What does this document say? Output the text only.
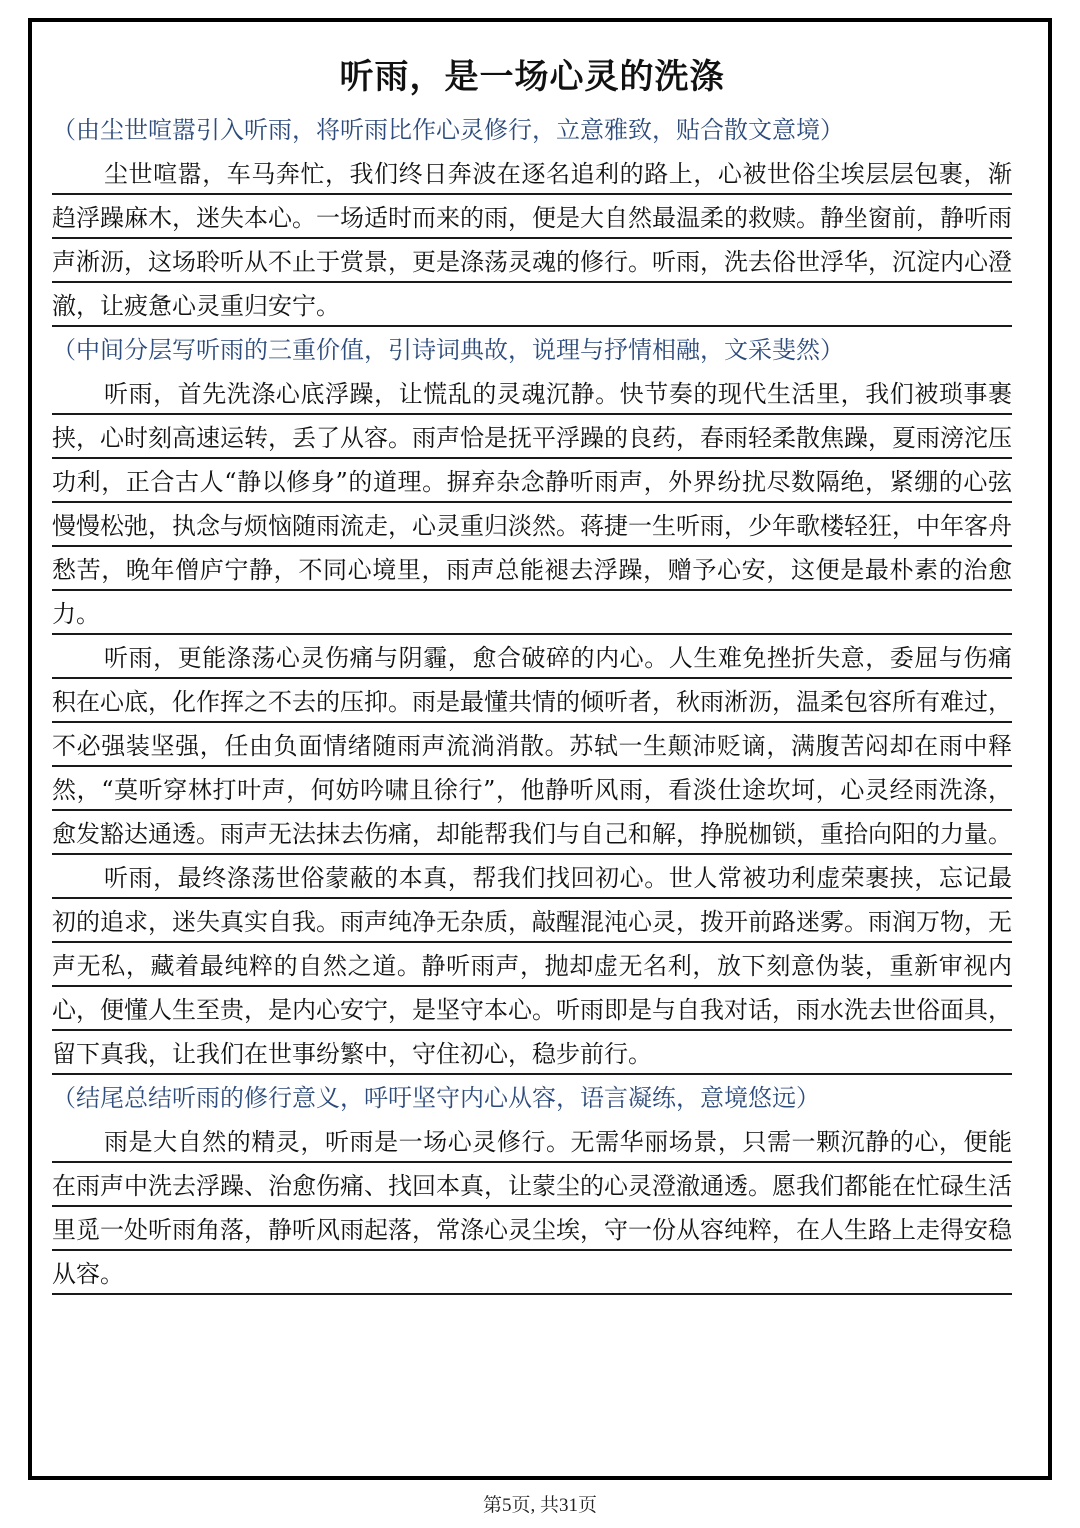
听雨，是一场心灵的洗涤

（由尘世喧嚣引入听雨，将听雨比作心灵修行，立意雅致，贴合散文意境）

尘世喧嚣，车马奔忙，我们终日奔波在逐名追利的路上，心被世俗尘埃层层包裹，渐趋浮躁麻木，迷失本心。一场适时而来的雨，便是大自然最温柔的救赎。静坐窗前，静听雨声淅沥，这场聆听从不止于赏景，更是涤荡灵魂的修行。听雨，洗去俗世浮华，沉淀内心澄澈，让疲惫心灵重归安宁。

（中间分层写听雨的三重价值，引诗词典故，说理与抒情相融，文采斐然）

听雨，首先洗涤心底浮躁，让慌乱的灵魂沉静。快节奏的现代生活里，我们被琐事裹挟，心时刻高速运转，丢了从容。雨声恰是抚平浮躁的良药，春雨轻柔散焦躁，夏雨滂沱压功利，正合古人“静以修身”的道理。摒弃杂念静听雨声，外界纷扰尽数隔绝，紧绷的心弦慢慢松弛，执念与烦恼随雨流走，心灵重归淡然。蒋捷一生听雨，少年歌楼轻狂，中年客舟愁苦，晚年僧庐宁静，不同心境里，雨声总能褪去浮躁，赠予心安，这便是最朴素的治愈力。

听雨，更能涤荡心灵伤痛与阴霾，愈合破碎的内心。人生难免挫折失意，委屈与伤痛积在心底，化作挥之不去的压抑。雨是最懂共情的倾听者，秋雨淅沥，温柔包容所有难过，不必强装坚强，任由负面情绪随雨声流淌消散。苏轼一生颠沛贬谪，满腹苦闷却在雨中释然，“莫听穿林打叶声，何妨吟啸且徐行”，他静听风雨，看淡仕途坎坷，心灵经雨洗涤，愈发豁达通透。雨声无法抹去伤痛，却能帮我们与自己和解，挣脱枷锁，重拾向阳的力量。

听雨，最终涤荡世俗蒙蔽的本真，帮我们找回初心。世人常被功利虚荣裹挟，忘记最初的追求，迷失真实自我。雨声纯净无杂质，敲醒混沌心灵，拨开前路迷雾。雨润万物，无声无私，藏着最纯粹的自然之道。静听雨声，抛却虚无名利，放下刻意伪装，重新审视内心，便懂人生至贵，是内心安宁，是坚守本心。听雨即是与自我对话，雨水洗去世俗面具，留下真我，让我们在世事纷繁中，守住初心，稳步前行。

（结尾总结听雨的修行意义，呼吁坚守内心从容，语言凝练，意境悠远）

雨是大自然的精灵，听雨是一场心灵修行。无需华丽场景，只需一颗沉静的心，便能在雨声中洗去浮躁、治愈伤痛、找回本真，让蒙尘的心灵澄澈通透。愿我们都能在忙碌生活里觅一处听雨角落，静听风雨起落，常涤心灵尘埃，守一份从容纯粹，在人生路上走得安稳从容。

第5页, 共31页
